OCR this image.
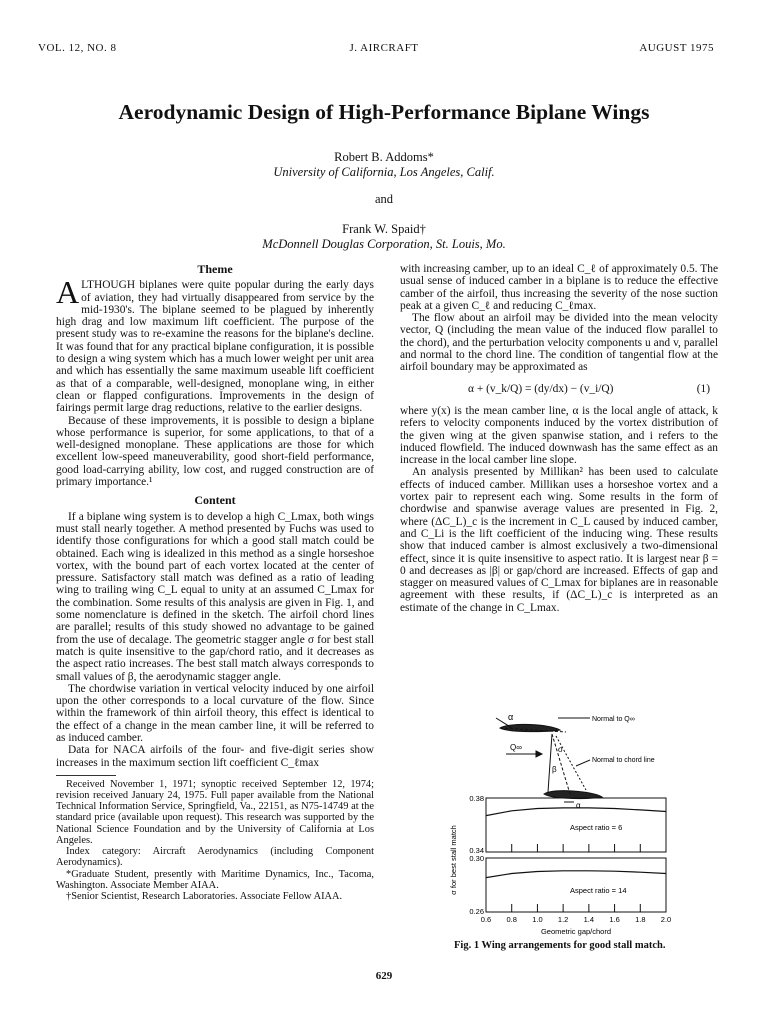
VOL. 12, NO. 8	J. AIRCRAFT	AUGUST 1975
Aerodynamic Design of High-Performance Biplane Wings
Robert B. Addoms*
University of California, Los Angeles, Calif.
and
Frank W. Spaid†
McDonnell Douglas Corporation, St. Louis, Mo.
Theme

ALTHOUGH biplanes were quite popular during the early days of aviation, they had virtually disappeared from service by the mid-1930's. The biplane seemed to be plagued by inherently high drag and low maximum lift coefficient. The purpose of the present study was to re-examine the reasons for the biplane's decline. It was found that for any practical biplane configuration, it is possible to design a wing system which has a much lower weight per unit area and which has essentially the same maximum useable lift coefficient as that of a comparable, well-designed, monoplane wing, in either clean or flapped configurations. Improvements in the design of fairings permit large drag reductions, relative to the earlier designs.

Because of these improvements, it is possible to design a biplane whose performance is superior, for some applications, to that of a well-designed monoplane. These applications are those for which excellent low-speed maneuverability, good short-field performance, good load-carrying ability, low cost, and rugged construction are of primary importance.¹

Content

If a biplane wing system is to develop a high C_Lmax, both wings must stall nearly together. A method presented by Fuchs was used to identify those configurations for which a good stall match could be obtained. Each wing is idealized in this method as a single horseshoe vortex, with the bound part of each vortex located at the center of pressure. Satisfactory stall match was defined as a ratio of leading wing to trailing wing C_L equal to unity at an assumed C_Lmax for the combination. Some results of this analysis are given in Fig. 1, and some nomenclature is defined in the sketch. The airfoil chord lines are parallel; results of this study showed no advantage to be gained from the use of decalage. The geometric stagger angle σ for best stall match is quite insensitive to the gap/chord ratio, and it decreases as the aspect ratio increases. The best stall match always corresponds to small values of β, the aerodynamic stagger angle.

The chordwise variation in vertical velocity induced by one airfoil upon the other corresponds to a local curvature of the flow. Since within the framework of thin airfoil theory, this effect is identical to the effect of a change in the mean camber line, it will be referred to as induced camber.

Data for NACA airfoils of the four- and five-digit series show increases in the maximum section lift coefficient C_ℓmax

Received November 1, 1971; synoptic received September 12, 1974; revision received January 24, 1975. Full paper available from the National Technical Information Service, Springfield, Va., 22151, as N75-14749 at the standard price (available upon request). This research was supported by the National Science Foundation and by the University of California at Los Angeles.

Index category: Aircraft Aerodynamics (including Component Aerodynamics).

*Graduate Student, presently with Maritime Dynamics, Inc., Tacoma, Washington. Associate Member AIAA.

†Senior Scientist, Research Laboratories. Associate Fellow AIAA.

with increasing camber, up to an ideal C_ℓ of approximately 0.5. The usual sense of induced camber in a biplane is to reduce the effective camber of the airfoil, thus increasing the severity of the nose suction peak at a given C_ℓ and reducing C_ℓmax.

The flow about an airfoil may be divided into the mean velocity vector, Q (including the mean value of the induced flow parallel to the chord), and the perturbation velocity components u and v, parallel and normal to the chord line. The condition of tangential flow at the airfoil boundary may be approximated as

α + (v_k/Q) = (dy/dx) − (v_i/Q)	(1)

where y(x) is the mean camber line, α is the local angle of attack, k refers to velocity components induced by the vortex distribution of the given wing at the given spanwise station, and i refers to the induced flowfield. The induced downwash has the same effect as an increase in the local camber line slope.

An analysis presented by Millikan² has been used to calculate effects of induced camber. Millikan uses a horseshoe vortex and a vortex pair to represent each wing. Some results in the form of chordwise and spanwise average values are presented in Fig. 2, where (ΔC_L)_c is the increment in C_L caused by induced camber, and C_Li is the lift coefficient of the inducing wing. These results show that induced camber is almost exclusively a two-dimensional effect, since it is quite insensitive to aspect ratio. It is largest near β = 0 and decreases as |β| or gap/chord are increased. Effects of gap and stagger on measured values of C_Lmax for biplanes are in reasonable agreement with these results, if (ΔC_L)_c is interpreted as an estimate of the change in C_Lmax.

α	Normal to Q∞
Q∞	σ
β
Normal to chord line
α
0.38
0.34
0.30
0.26
Aspect ratio = 6
Aspect ratio = 14
0.6 0.8 1.0 1.2 1.4 1.6 1.8 2.0
Geometric gap/chord
σ for best stall match
Fig. 1 Wing arrangements for good stall match.
629
